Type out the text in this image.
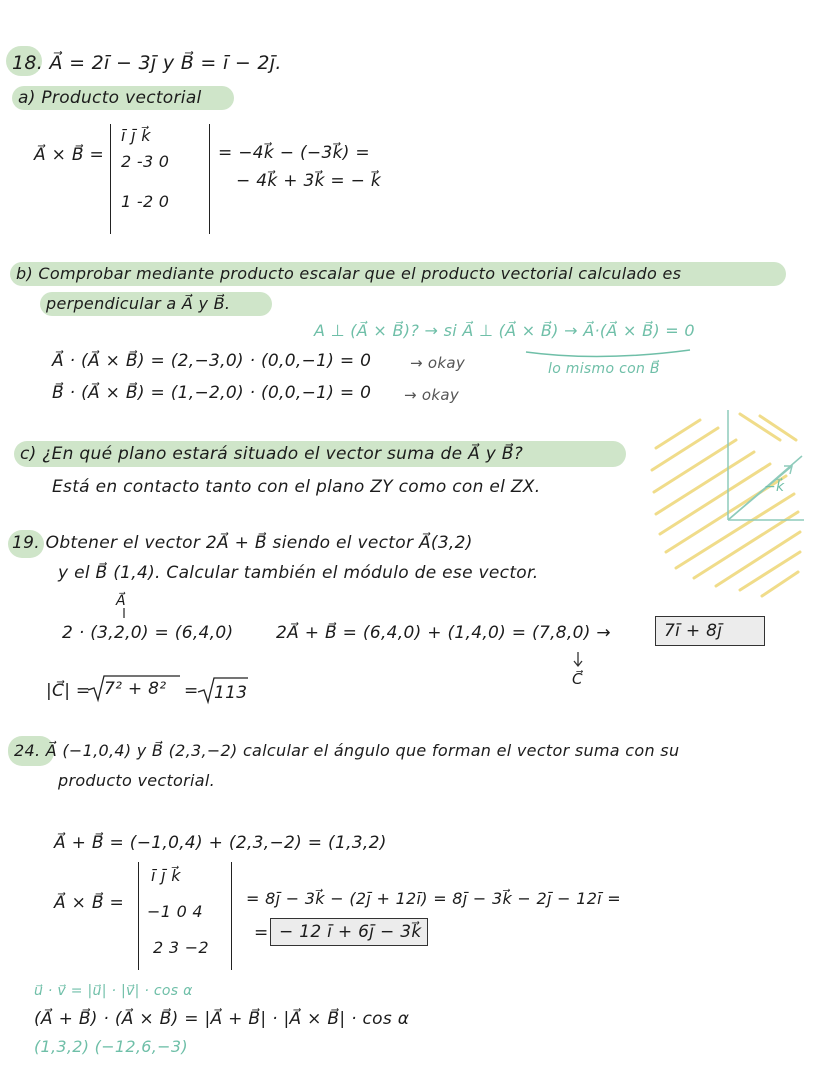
18. A⃗ = 2ī − 3ȷ̄ y B⃗ = ī − 2ȷ̄.
a) Producto vectorial
A⃗ × B⃗ =
ī ȷ̄ k⃗
2 -3 0
1 -2 0
= −4k⃗ − (−3k⃗) =
− 4k⃗ + 3k⃗ = − k⃗
b) Comprobar mediante producto escalar que el producto vectorial calculado es
perpendicular a A⃗ y B⃗.
A ⊥ (A⃗ × B⃗)? → si A⃗ ⊥ (A⃗ × B⃗) → A⃗·(A⃗ × B⃗) = 0
lo mismo con B⃗
A⃗ · (A⃗ × B⃗) = (2,−3,0) · (0,0,−1) = 0	→ okay
B⃗ · (A⃗ × B⃗) = (1,−2,0) · (0,0,−1) = 0 → okay
c) ¿En qué plano estará situado el vector suma de A⃗ y B⃗?
Está en contacto tanto con el plano ZY como con el ZX.
19. Obtener el vector 2A⃗ + B⃗ siendo el vector A⃗(3,2)
y el B⃗ (1,4). Calcular también el módulo de ese vector.
A⃗
2 · (3,2,0) = (6,4,0)	2A⃗ + B⃗ = (6,4,0) + (1,4,0) = (7,8,0) →
C⃗
7ī + 8ȷ̄
|C⃗| = 7² + 8² = 113
24. A⃗ (−1,0,4) y B⃗ (2,3,−2) calcular el ángulo que forman el vector suma con su
producto vectorial.
A⃗ + B⃗ = (−1,0,4) + (2,3,−2) = (1,3,2)
A⃗ × B⃗ =
ī ȷ̄ k⃗
−1 0 4
2 3 −2
= 8ȷ̄ − 3k⃗ − (2ȷ̄ + 12ī) = 8ȷ̄ − 3k⃗ − 2ȷ̄ − 12ī =
= − 12 ī + 6ȷ̄ − 3k⃗
u⃗ · v⃗ = |u⃗| · |v⃗| · cos α
(A⃗ + B⃗) · (A⃗ × B⃗) = |A⃗ + B⃗| · |A⃗ × B⃗| · cos α
(1,3,2) (−12,6,−3)
−k⃗
